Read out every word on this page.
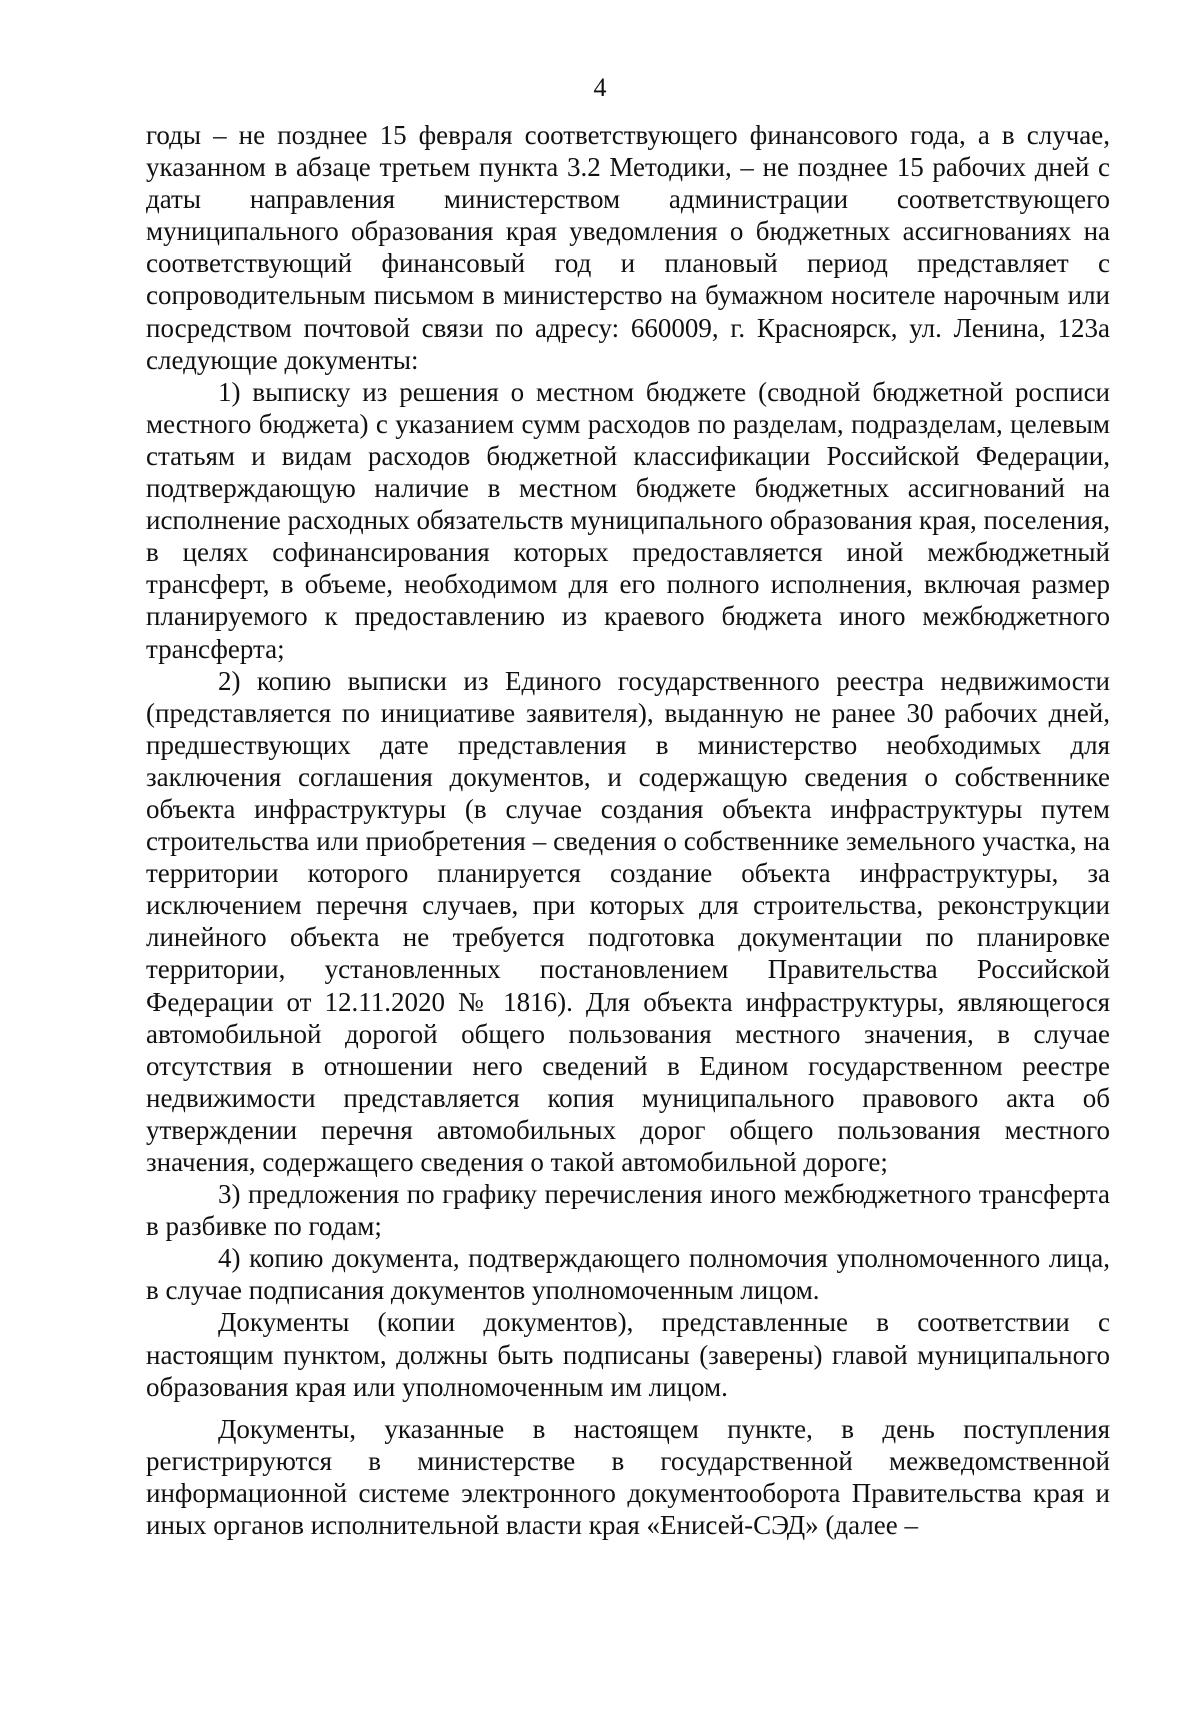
4

годы – не позднее 15 февраля соответствующего финансового года, а в случае, указанном в абзаце третьем пункта 3.2 Методики, – не позднее 15 рабочих дней с даты направления министерством администрации соответствующего муниципального образования края уведомления о бюджетных ассигнованиях на соответствующий финансовый год и плановый период представляет с сопроводительным письмом в министерство на бумажном носителе нарочным или посредством почтовой связи по адресу: 660009, г. Красноярск, ул. Ленина, 123а следующие документы:

1) выписку из решения о местном бюджете (сводной бюджетной росписи местного бюджета) с указанием сумм расходов по разделам, подразделам, целевым статьям и видам расходов бюджетной классификации Российской Федерации, подтверждающую наличие в местном бюджете бюджетных ассигнований на исполнение расходных обязательств муниципального образования края, поселения, в целях софинансирования которых предоставляется иной межбюджетный трансферт, в объеме, необходимом для его полного исполнения, включая размер планируемого к предоставлению из краевого бюджета иного межбюджетного трансферта;

2) копию выписки из Единого государственного реестра недвижимости (представляется по инициативе заявителя), выданную не ранее 30 рабочих дней, предшествующих дате представления в министерство необходимых для заключения соглашения документов, и содержащую сведения о собственнике объекта инфраструктуры (в случае создания объекта инфраструктуры путем строительства или приобретения – сведения о собственнике земельного участка, на территории которого планируется создание объекта инфраструктуры, за исключением перечня случаев, при которых для строительства, реконструкции линейного объекта не требуется подготовка документации по планировке территории, установленных постановлением Правительства Российской Федерации от 12.11.2020 № 1816). Для объекта инфраструктуры, являющегося автомобильной дорогой общего пользования местного значения, в случае отсутствия в отношении него сведений в Едином государственном реестре недвижимости представляется копия муниципального правового акта об утверждении перечня автомобильных дорог общего пользования местного значения, содержащего сведения о такой автомобильной дороге;

3) предложения по графику перечисления иного межбюджетного трансферта в разбивке по годам;

4) копию документа, подтверждающего полномочия уполномоченного лица, в случае подписания документов уполномоченным лицом.

Документы (копии документов), представленные в соответствии с настоящим пунктом, должны быть подписаны (заверены) главой муниципального образования края или уполномоченным им лицом.

Документы, указанные в настоящем пункте, в день поступления регистрируются в министерстве в государственной межведомственной информационной системе электронного документооборота Правительства края и иных органов исполнительной власти края «Енисей-СЭД» (далее –
